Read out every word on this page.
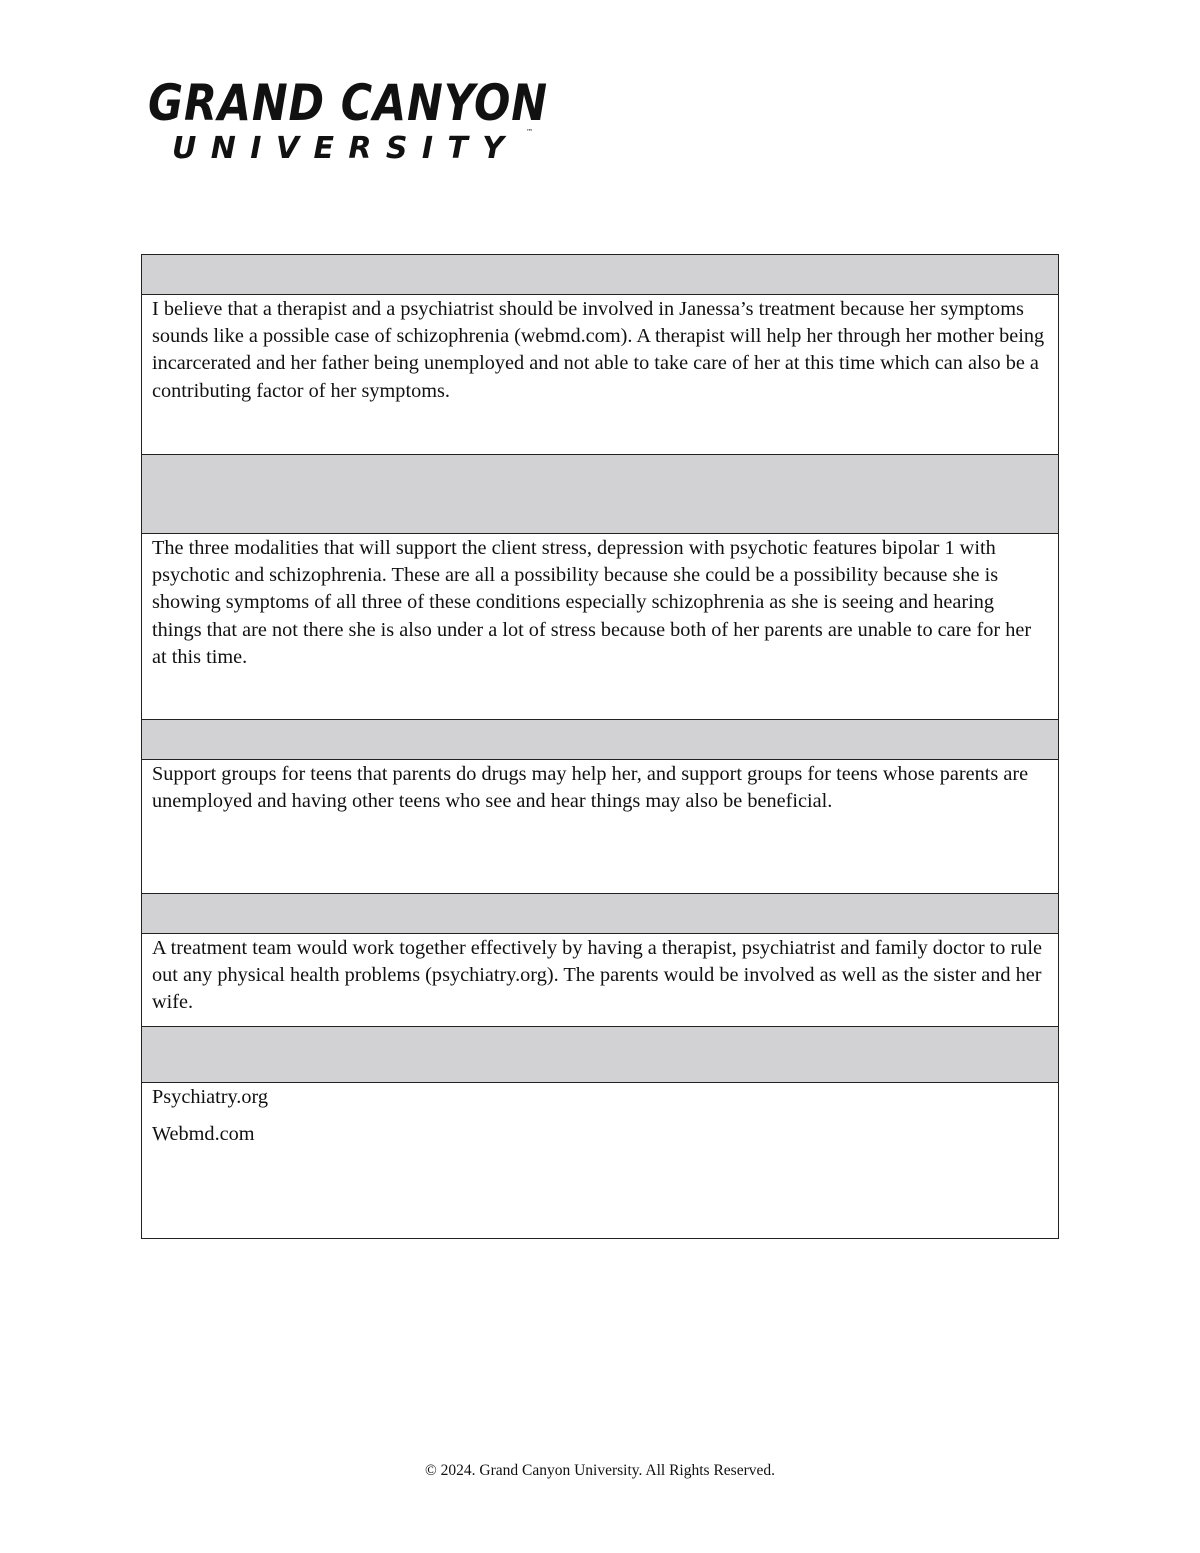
GRAND CANYON
UNIVERSITY ™

I believe that a therapist and a psychiatrist should be involved in Janessa’s treatment because her symptoms sounds like a possible case of schizophrenia (webmd.com). A therapist will help her through her mother being incarcerated and her father being unemployed and not able to take care of her at this time which can also be a contributing factor of her symptoms.

The three modalities that will support the client stress, depression with psychotic features bipolar 1 with psychotic and schizophrenia. These are all a possibility because she could be a possibility because she is showing symptoms of all three of these conditions especially schizophrenia as she is seeing and hearing things that are not there she is also under a lot of stress because both of her parents are unable to care for her at this time.

Support groups for teens that parents do drugs may help her, and support groups for teens whose parents are unemployed and having other teens who see and hear things may also be beneficial.

A treatment team would work together effectively by having a therapist, psychiatrist and family doctor to rule out any physical health problems (psychiatry.org). The parents would be involved as well as the sister and her wife.

Psychiatry.org
Webmd.com
© 2024. Grand Canyon University. All Rights Reserved.
